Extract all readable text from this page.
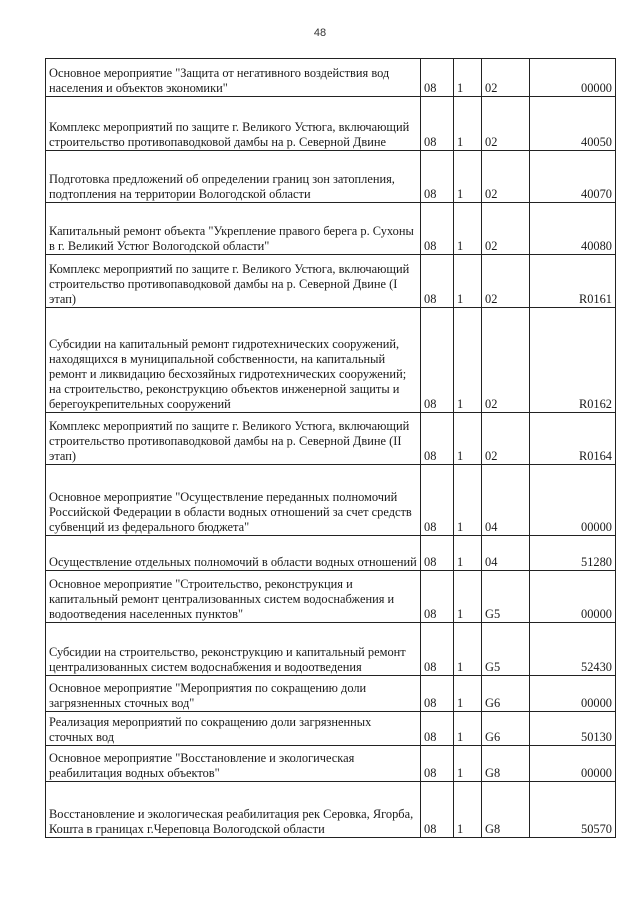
48
Основное мероприятие "Защита от негативного воздействия вод населения и объектов экономики"	08	1	02	00000
Комплекс мероприятий по защите г. Великого Устюга, включающий строительство противопаводковой дамбы на р. Северной Двине	08	1	02	40050
Подготовка предложений об определении границ зон затопления, подтопления на территории Вологодской области	08	1	02	40070
Капитальный ремонт объекта "Укрепление правого берега р. Сухоны в г. Великий Устюг Вологодской области"	08	1	02	40080
Комплекс мероприятий по защите г. Великого Устюга, включающий строительство противопаводковой дамбы на р. Северной Двине (I этап)	08	1	02	R0161
Субсидии на капитальный ремонт гидротехнических сооружений, находящихся в муниципальной собственности, на капитальный ремонт и ликвидацию бесхозяйных гидротехнических сооружений; на строительство, реконструкцию объектов инженерной защиты и берегоукрепительных сооружений	08	1	02	R0162
Комплекс мероприятий по защите г. Великого Устюга, включающий строительство противопаводковой дамбы на р. Северной Двине (II этап)	08	1	02	R0164
Основное мероприятие "Осуществление переданных полномочий Российской Федерации в области водных отношений за счет средств субвенций из федерального бюджета"	08	1	04	00000
Осуществление отдельных полномочий в области водных отношений	08	1	04	51280
Основное мероприятие "Строительство, реконструкция и капитальный ремонт централизованных систем водоснабжения и водоотведения населенных пунктов"	08	1	G5	00000
Субсидии на строительство, реконструкцию и капитальный ремонт централизованных систем водоснабжения и водоотведения	08	1	G5	52430
Основное мероприятие "Мероприятия по сокращению доли загрязненных сточных вод"	08	1	G6	00000
Реализация мероприятий по сокращению доли загрязненных сточных вод	08	1	G6	50130
Основное мероприятие "Восстановление и экологическая реабилитация водных объектов"	08	1	G8	00000
Восстановление и экологическая реабилитация рек Серовка, Ягорба, Кошта в границах г.Череповца Вологодской области	08	1	G8	50570
